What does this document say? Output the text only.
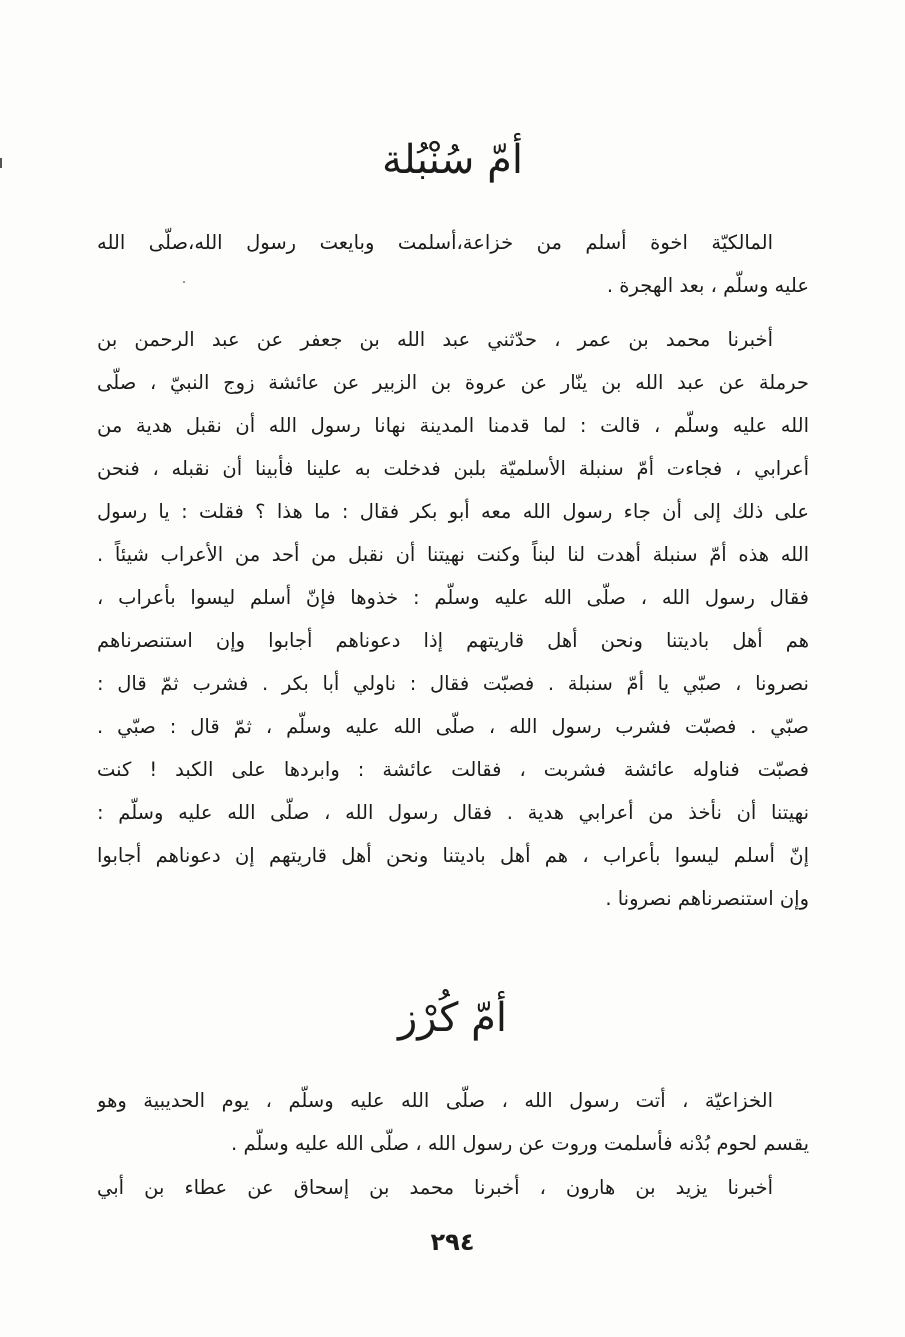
أمّ سُنْبُلة
المالكيّة اخوة أسلم من خزاعة،أسلمت وبايعت رسول الله،صلّى الله
عليه وسلّم ، بعد الهجرة .
أخبرنا محمد بن عمر ، حدّثني عبد الله بن جعفر عن عبد الرحمن بن
حرملة عن عبد الله بن ينّار عن عروة بن الزبير عن عائشة زوج النبيّ ، صلّى
الله عليه وسلّم ، قالت : لما قدمنا المدينة نهانا رسول الله أن نقبل هدية من
أعرابي ، فجاءت أمّ سنبلة الأسلميّة بلبن فدخلت به علينا فأبينا أن نقبله ، فنحن
على ذلك إلى أن جاء رسول الله معه أبو بكر فقال : ما هذا ؟ فقلت : يا رسول
الله هذه أمّ سنبلة أهدت لنا لبناً وكنت نهيتنا أن نقبل من أحد من الأعراب شيئاً .
فقال رسول الله ، صلّى الله عليه وسلّم : خذوها فإنّ أسلم ليسوا بأعراب ،
هم أهل باديتنا ونحن أهل قاريتهم إذا دعوناهم أجابوا وإن استنصرناهم
نصرونا ، صبّي يا أمّ سنبلة . فصبّت فقال : ناولي أبا بكر . فشرب ثمّ قال :
صبّي . فصبّت فشرب رسول الله ، صلّى الله عليه وسلّم ، ثمّ قال : صبّي .
فصبّت فناوله عائشة فشربت ، فقالت عائشة : وابردها على الكبد ! كنت
نهيتنا أن نأخذ من أعرابي هدية . فقال رسول الله ، صلّى الله عليه وسلّم :
إنّ أسلم ليسوا بأعراب ، هم أهل باديتنا ونحن أهل قاريتهم إن دعوناهم أجابوا
وإن استنصرناهم نصرونا .
أمّ كُرْز
الخزاعيّة ، أتت رسول الله ، صلّى الله عليه وسلّم ، يوم الحديبية وهو
يقسم لحوم بُدْنه فأسلمت وروت عن رسول الله ، صلّى الله عليه وسلّم .
أخبرنا يزيد بن هارون ، أخبرنا محمد بن إسحاق عن عطاء بن أبي
٢٩٤
